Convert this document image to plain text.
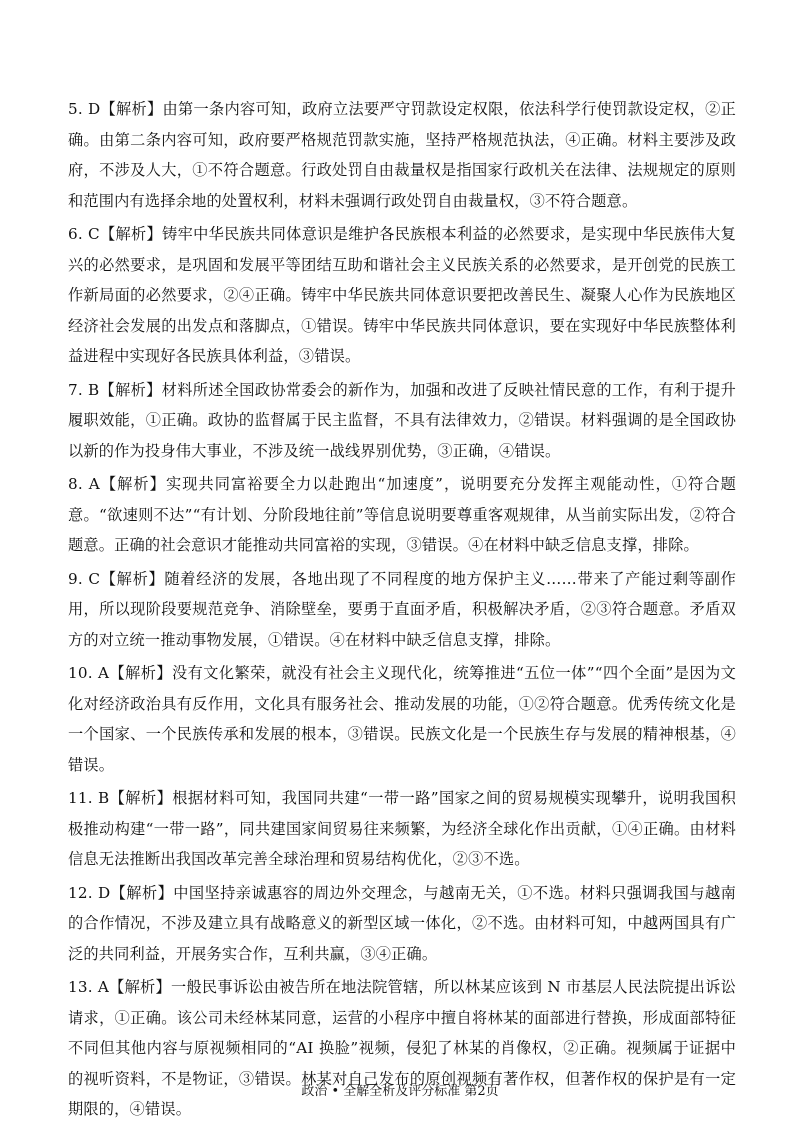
5. D【解析】由第一条内容可知，政府立法要严守罚款设定权限，依法科学行使罚款设定权，②正确。由第二条内容可知，政府要严格规范罚款实施，坚持严格规范执法，④正确。材料主要涉及政府，不涉及人大，①不符合题意。行政处罚自由裁量权是指国家行政机关在法律、法规规定的原则和范围内有选择余地的处置权利，材料未强调行政处罚自由裁量权，③不符合题意。

6. C【解析】铸牢中华民族共同体意识是维护各民族根本利益的必然要求，是实现中华民族伟大复兴的必然要求，是巩固和发展平等团结互助和谐社会主义民族关系的必然要求，是开创党的民族工作新局面的必然要求，②④正确。铸牢中华民族共同体意识要把改善民生、凝聚人心作为民族地区经济社会发展的出发点和落脚点，①错误。铸牢中华民族共同体意识，要在实现好中华民族整体利益进程中实现好各民族具体利益，③错误。

7. B【解析】材料所述全国政协常委会的新作为，加强和改进了反映社情民意的工作，有利于提升履职效能，①正确。政协的监督属于民主监督，不具有法律效力，②错误。材料强调的是全国政协以新的作为投身伟大事业，不涉及统一战线界别优势，③正确，④错误。

8. A【解析】实现共同富裕要全力以赴跑出“加速度”，说明要充分发挥主观能动性，①符合题意。“欲速则不达”“有计划、分阶段地往前”等信息说明要尊重客观规律，从当前实际出发，②符合题意。正确的社会意识才能推动共同富裕的实现，③错误。④在材料中缺乏信息支撑，排除。

9. C【解析】随着经济的发展，各地出现了不同程度的地方保护主义……带来了产能过剩等副作用，所以现阶段要规范竞争、消除壁垒，要勇于直面矛盾，积极解决矛盾，②③符合题意。矛盾双方的对立统一推动事物发展，①错误。④在材料中缺乏信息支撑，排除。

10. A【解析】没有文化繁荣，就没有社会主义现代化，统筹推进“五位一体”“四个全面”是因为文化对经济政治具有反作用，文化具有服务社会、推动发展的功能，①②符合题意。优秀传统文化是一个国家、一个民族传承和发展的根本，③错误。民族文化是一个民族生存与发展的精神根基，④错误。

11. B【解析】根据材料可知，我国同共建“一带一路”国家之间的贸易规模实现攀升，说明我国积极推动构建“一带一路”，同共建国家间贸易往来频繁，为经济全球化作出贡献，①④正确。由材料信息无法推断出我国改革完善全球治理和贸易结构优化，②③不选。

12. D【解析】中国坚持亲诚惠容的周边外交理念，与越南无关，①不选。材料只强调我国与越南的合作情况，不涉及建立具有战略意义的新型区域一体化，②不选。由材料可知，中越两国具有广泛的共同利益，开展务实合作，互利共赢，③④正确。

13. A【解析】一般民事诉讼由被告所在地法院管辖，所以林某应该到 N 市基层人民法院提出诉讼请求，①正确。该公司未经林某同意，运营的小程序中擅自将林某的面部进行替换，形成面部特征不同但其他内容与原视频相同的“AI 换脸”视频，侵犯了林某的肖像权，②正确。视频属于证据中的视听资料，不是物证，③错误。林某对自己发布的原创视频有著作权，但著作权的保护是有一定期限的，④错误。

政治 • 全解全析及评分标准 第2页
